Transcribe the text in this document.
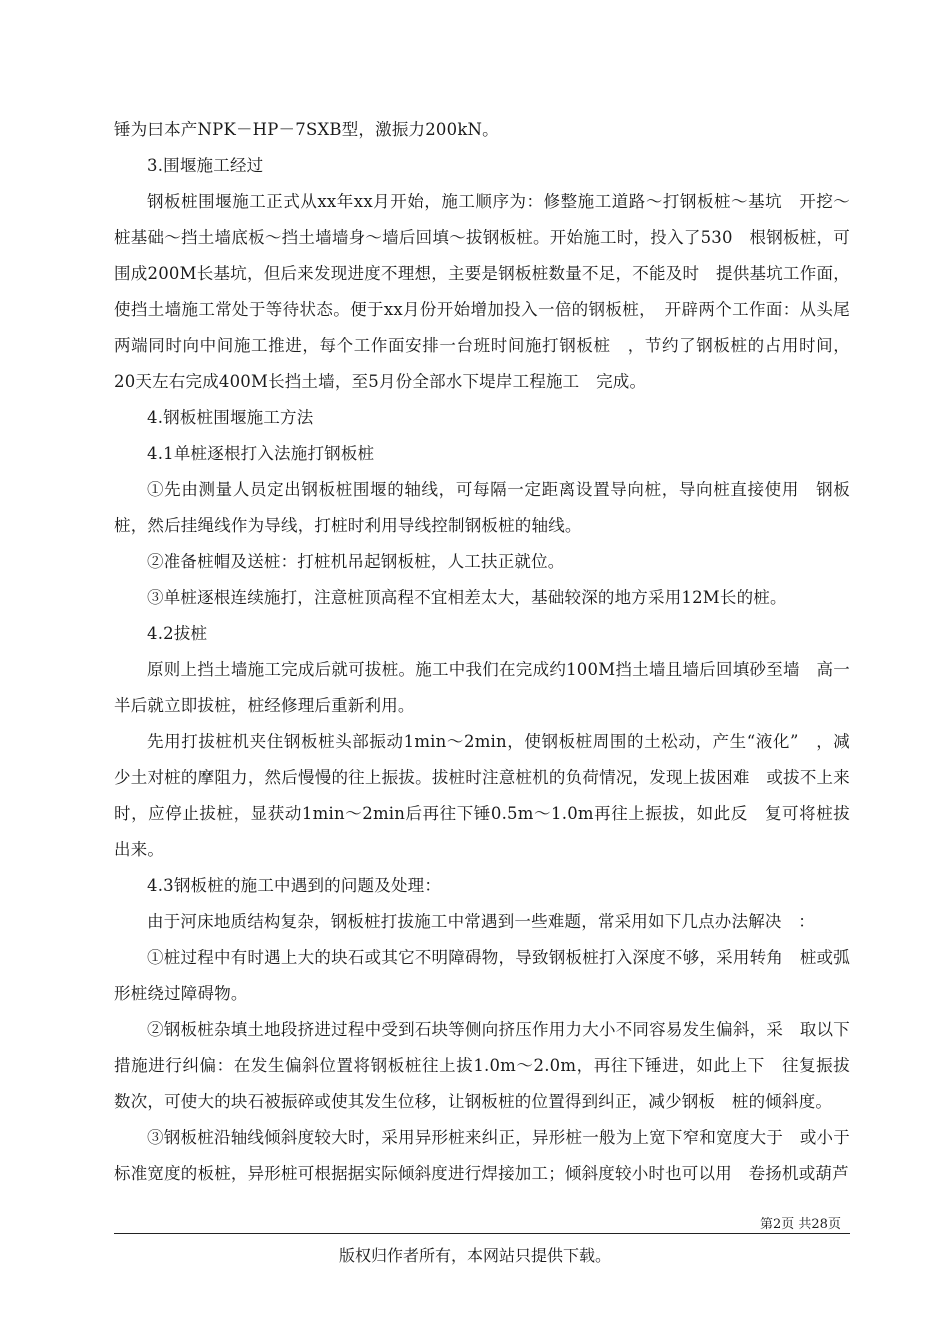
锤为曰本产NPK－HP－7SXB型，激振力200kN。

3.围堰施工经过

钢板桩围堰施工正式从xx年xx月开始，施工顺序为：修整施工道路～打钢板桩～基坑　开挖～桩基础～挡土墙底板～挡土墙墙身～墙后回填～拔钢板桩。开始施工时，投入了530　根钢板桩，可围成200M长基坑，但后来发现进度不理想，主要是钢板桩数量不足，不能及时　提供基坑工作面，使挡土墙施工常处于等待状态。便于xx月份开始增加投入一倍的钢板桩，　开辟两个工作面：从头尾两端同时向中间施工推进，每个工作面安排一台班时间施打钢板桩　，节约了钢板桩的占用时间，20天左右完成400M长挡土墙，至5月份全部水下堤岸工程施工　完成。

4.钢板桩围堰施工方法

4.1单桩逐根打入法施打钢板桩

①先由测量人员定出钢板桩围堰的轴线，可每隔一定距离设置导向桩，导向桩直接使用　钢板桩，然后挂绳线作为导线，打桩时利用导线控制钢板桩的轴线。

②准备桩帽及送桩：打桩机吊起钢板桩，人工扶正就位。

③单桩逐根连续施打，注意桩顶高程不宜相差太大，基础较深的地方采用12M长的桩。

4.2拔桩

原则上挡土墙施工完成后就可拔桩。施工中我们在完成约100M挡土墙且墙后回填砂至墙　高一半后就立即拔桩，桩经修理后重新利用。

先用打拔桩机夹住钢板桩头部振动1min～2min，使钢板桩周围的土松动，产生“液化”　，减少土对桩的摩阻力，然后慢慢的往上振拔。拔桩时注意桩机的负荷情况，发现上拔困难　或拔不上来时，应停止拔桩，显获动1min～2min后再往下锤0.5m～1.0m再往上振拔，如此反　复可将桩拔出来。

4.3钢板桩的施工中遇到的问题及处理：

由于河床地质结构复杂，钢板桩打拔施工中常遇到一些难题，常采用如下几点办法解决　：

①桩过程中有时遇上大的块石或其它不明障碍物，导致钢板桩打入深度不够，采用转角　桩或弧形桩绕过障碍物。

②钢板桩杂填土地段挤进过程中受到石块等侧向挤压作用力大小不同容易发生偏斜，采　取以下措施进行纠偏：在发生偏斜位置将钢板桩往上拔1.0m～2.0m，再往下锤进，如此上下　往复振拔数次，可使大的块石被振碎或使其发生位移，让钢板桩的位置得到纠正，减少钢板　桩的倾斜度。

③钢板桩沿轴线倾斜度较大时，采用异形桩来纠正，异形桩一般为上宽下窄和宽度大于　或小于标准宽度的板桩，异形桩可根据据实际倾斜度进行焊接加工；倾斜度较小时也可以用　卷扬机或葫芦

第2页 共28页
版权归作者所有，本网站只提供下载。
